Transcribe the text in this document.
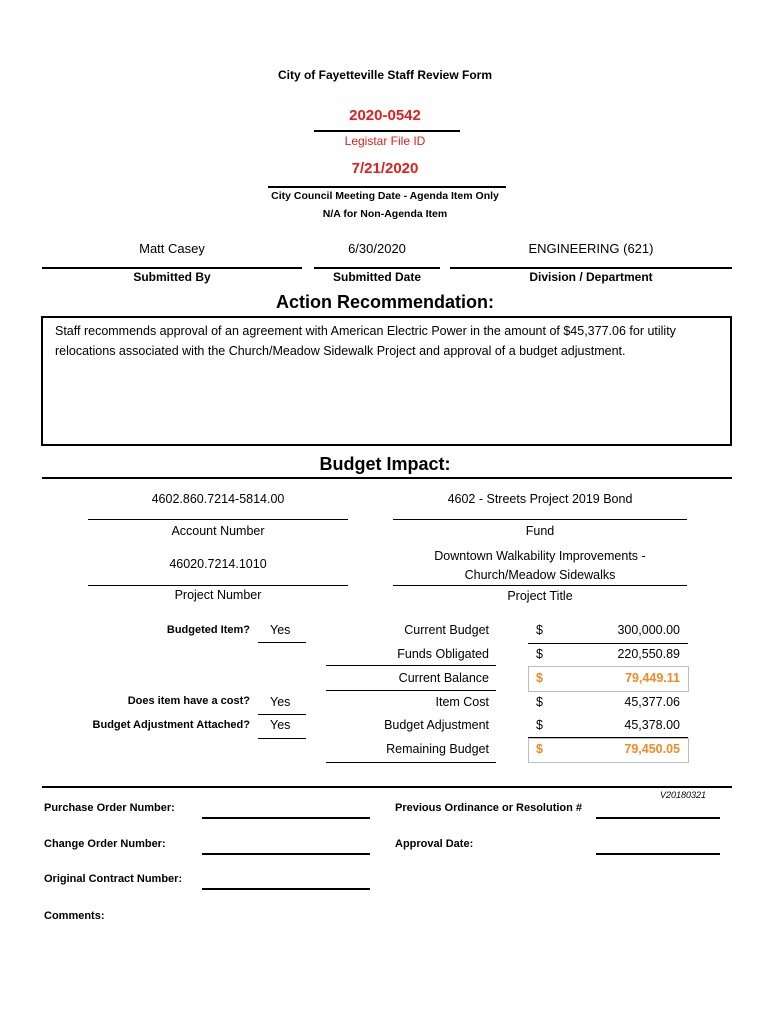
City of Fayetteville Staff Review Form
2020-0542
Legistar File ID
7/21/2020
City Council Meeting Date - Agenda Item Only
N/A for Non-Agenda Item
Matt Casey
Submitted By
6/30/2020
Submitted Date
ENGINEERING (621)
Division / Department
Action Recommendation:
Staff recommends approval of an agreement with American Electric Power in the amount of $45,377.06 for utility relocations associated with the Church/Meadow Sidewalk Project and approval of a budget adjustment.
Budget Impact:
4602.860.7214-5814.00
Account Number
4602 - Streets Project 2019 Bond
Fund
46020.7214.1010
Project Number
Downtown Walkability Improvements - Church/Meadow Sidewalks
Project Title
Budgeted Item?	Yes
Does item have a cost?	Yes
Budget Adjustment Attached?	Yes
Current Budget	$	300,000.00
Funds Obligated	$	220,550.89
Current Balance	$	79,449.11
Item Cost	$	45,377.06
Budget Adjustment	$	45,378.00
Remaining Budget	$	79,450.05
V20180321
Purchase Order Number:	Previous Ordinance or Resolution #
Change Order Number:	Approval Date:
Original Contract Number:
Comments:
